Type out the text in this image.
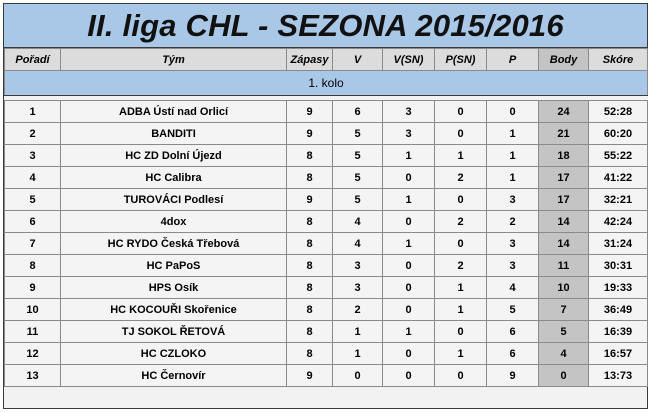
II. liga CHL - SEZONA 2015/2016
Pořadí	Tým	Zápasy	V	V(SN)	P(SN)	P	Body	Skóre
1. kolo								

1	ADBA Ústí nad Orlicí	9	6	3	0	0	24	52:28
2	BANDITI	9	5	3	0	1	21	60:20
3	HC ZD Dolní Újezd	8	5	1	1	1	18	55:22
4	HC Calibra	8	5	0	2	1	17	41:22
5	TUROVÁCI Podlesí	9	5	1	0	3	17	32:21
6	4dox	8	4	0	2	2	14	42:24
7	HC RYDO Česká Třebová	8	4	1	0	3	14	31:24
8	HC PaPoS	8	3	0	2	3	11	30:31
9	HPS Osík	8	3	0	1	4	10	19:33
10	HC KOCOUŘI Skořenice	8	2	0	1	5	7	36:49
11	TJ SOKOL ŘETOVÁ	8	1	1	0	6	5	16:39
12	HC CZLOKO	8	1	0	1	6	4	16:57
13	HC Černovír	9	0	0	0	9	0	13:73
